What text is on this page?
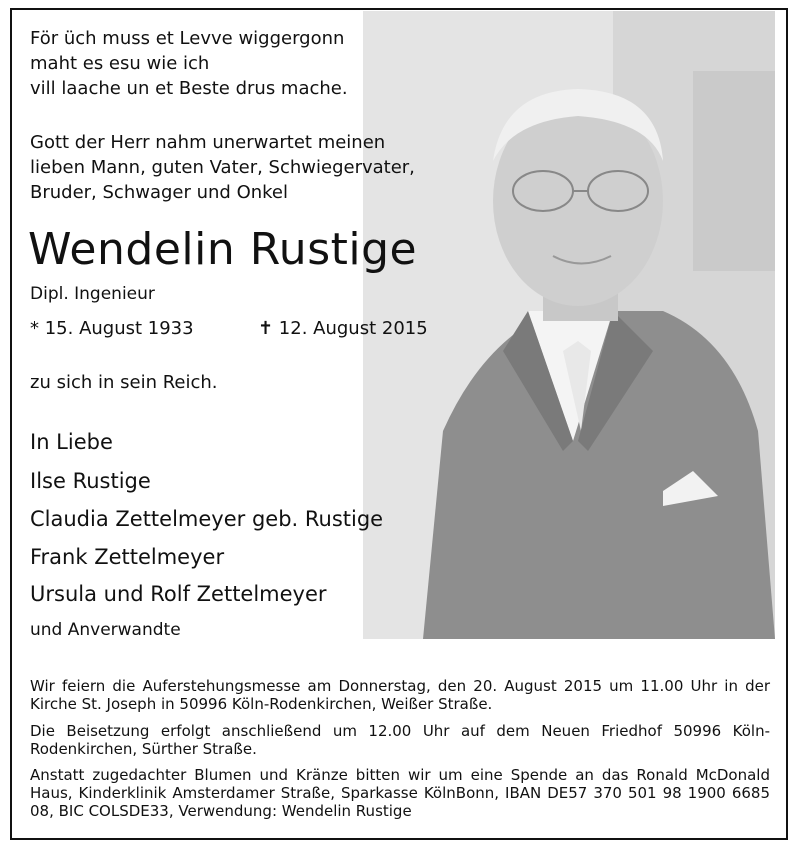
För üch muss et Levve wiggergonn
maht es esu wie ich
vill laache un et Beste drus mache.
Gott der Herr nahm unerwartet meinen
lieben Mann, guten Vater, Schwiegervater,
Bruder, Schwager und Onkel
Wendelin Rustige
Dipl. Ingenieur
* 15. August 1933	✝ 12. August 2015
zu sich in sein Reich.
In Liebe
Ilse Rustige
Claudia Zettelmeyer geb. Rustige
Frank Zettelmeyer
Ursula und Rolf Zettelmeyer
und Anverwandte
Wir feiern die Auferstehungsmesse am Donnerstag, den 20. August 2015 um 11.00 Uhr in der Kirche St. Joseph in 50996 Köln-Rodenkirchen, Weißer Straße.
Die Beisetzung erfolgt anschließend um 12.00 Uhr auf dem Neuen Friedhof 50996 Köln-Rodenkirchen, Sürther Straße.
Anstatt zugedachter Blumen und Kränze bitten wir um eine Spende an das Ronald McDonald Haus, Kinderklinik Amsterdamer Straße, Sparkasse KölnBonn, IBAN DE57 370 501 98 1900 6685 08, BIC COLSDE33, Verwendung: Wendelin Rustige
